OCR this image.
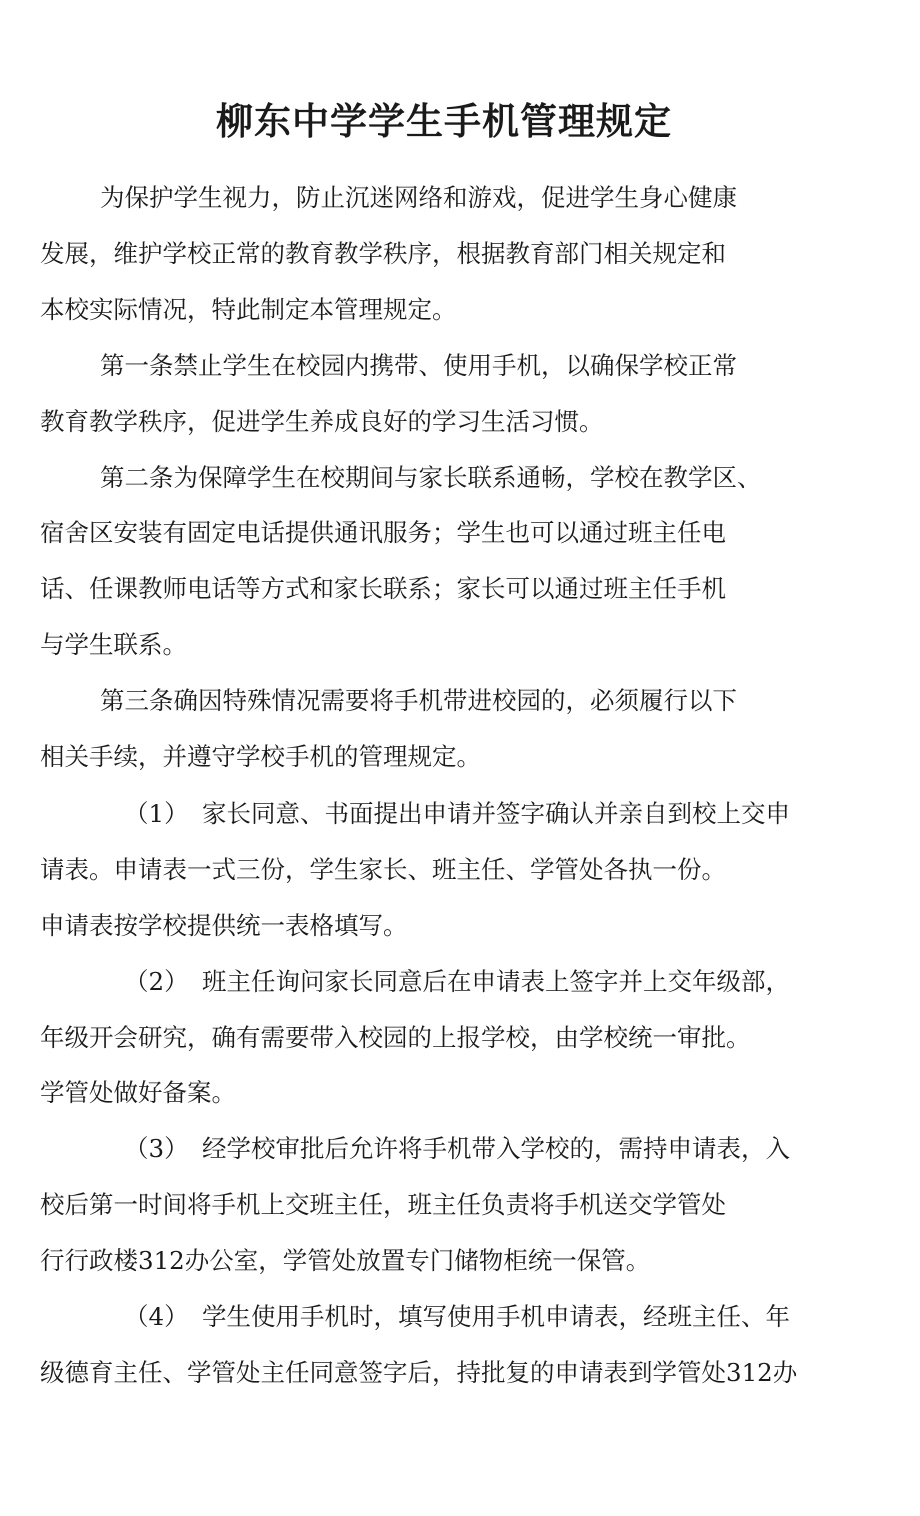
柳东中学学生手机管理规定

为保护学生视力，防止沉迷网络和游戏，促进学生身心健康

发展，维护学校正常的教育教学秩序，根据教育部门相关规定和

本校实际情况，特此制定本管理规定。

第一条禁止学生在校园内携带、使用手机，以确保学校正常

教育教学秩序，促进学生养成良好的学习生活习惯。

第二条为保障学生在校期间与家长联系通畅，学校在教学区、

宿舍区安装有固定电话提供通讯服务；学生也可以通过班主任电

话、任课教师电话等方式和家长联系；家长可以通过班主任手机

与学生联系。

第三条确因特殊情况需要将手机带进校园的，必须履行以下

相关手续，并遵守学校手机的管理规定。

（1） 家长同意、书面提出申请并签字确认并亲自到校上交申

请表。申请表一式三份，学生家长、班主任、学管处各执一份。

申请表按学校提供统一表格填写。

（2） 班主任询问家长同意后在申请表上签字并上交年级部，

年级开会研究，确有需要带入校园的上报学校，由学校统一审批。

学管处做好备案。

（3） 经学校审批后允许将手机带入学校的，需持申请表，入

校后第一时间将手机上交班主任，班主任负责将手机送交学管处

行行政楼312办公室，学管处放置专门储物柜统一保管。

（4） 学生使用手机时，填写使用手机申请表，经班主任、年

级德育主任、学管处主任同意签字后，持批复的申请表到学管处312办
